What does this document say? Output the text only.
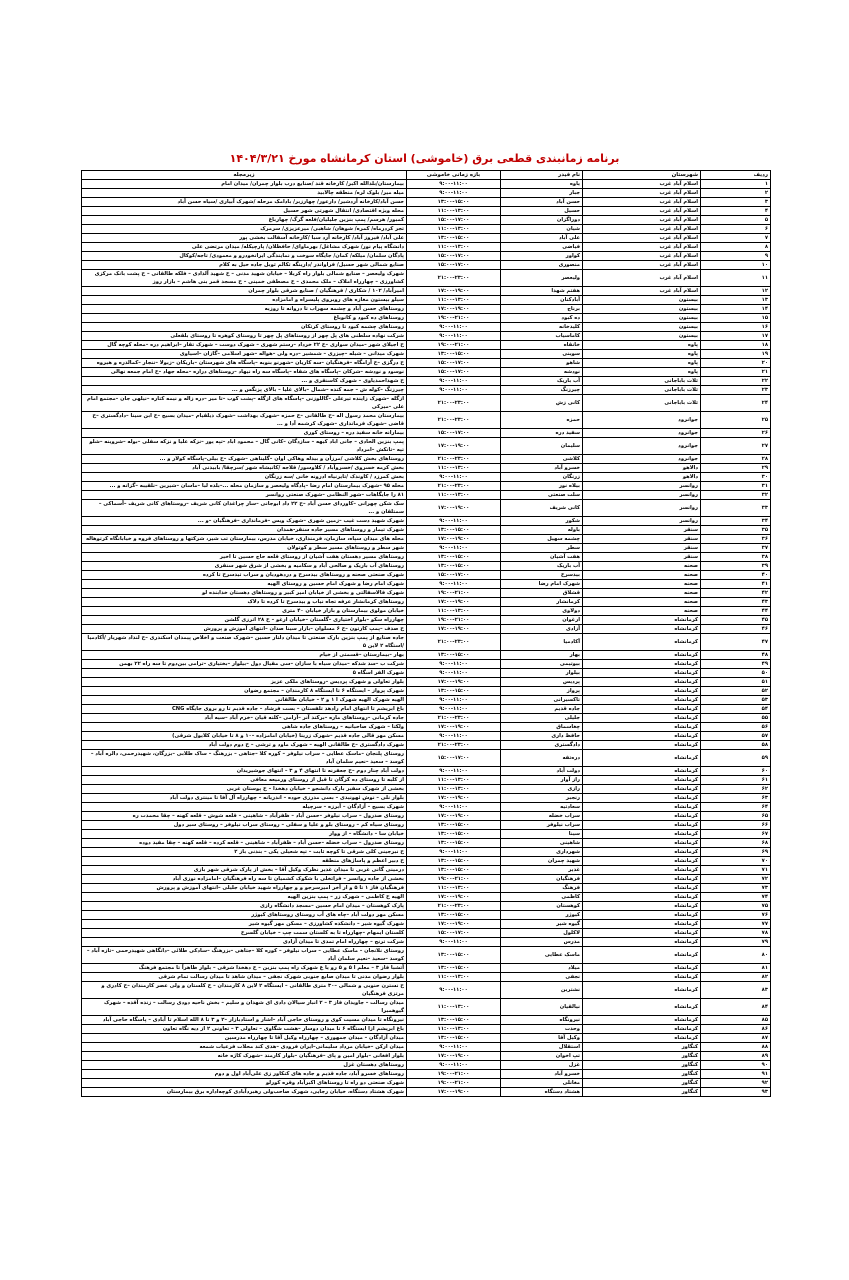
برنامه زمانبندی قطعی برق (خاموشی) استان کرمانشاه مورخ ۱۴۰۴/۳/۲۱
ردیف	شهرستان	نام فیدر	بازه زمانی خاموشی	زیرمجله
۱	اسلام آباد غرب	یاوه	۹:۰۰-۱۱:۰۰	بیمارستان/بلدالله اکبر/ کارخانه قند /صنایع درب بلوار چمران/ میدان امام
۲	اسلام آباد غرب	جبار	۹:۰۰-۱۱:۰۰	میله میر/ بلوک لره/ منطقه چالابید
۳	اسلام آباد غرب	حسن آباد	۱۳:۰۰-۱۵:۰۰	حسن آباد/کارخانه آردشیر/ دارعور/ چهارزبر/ بادامک مرحله /شهرک آبیاری /سیاه حسن آباد
۴	اسلام آباد غرب	حسیل	۱۱:۰۰-۱۳:۰۰	محله ویژه اقتصادی/ انتقال شهرتی شهر حسیل
۵	اسلام آباد غرب	دوراگزان	۱۵:۰۰-۱۷:۰۰	کمبور/ هرسم/ پمپ بنزین جلیلیان/فلعه گرگ/ چهارباغ
۶	اسلام آباد غرب	شیان	۱۱:۰۰-۱۳:۰۰	تجر کردرماه/ کمره/ شوهان/ شاهبی/ میرعزیزی/ سرمرک
۷	اسلام آباد غرب	علی آباد	۱۳:۰۰-۱۵:۰۰	علی آباد/ فیروز آباد/ کارخانه آرد سبا /کارخانه آسفالت بخشی پور
۸	اسلام آباد غرب	فیاضی	۱۱:۰۰-۱۳:۰۰	دانشگاه پیام نور/ شهرک مشاغل/ بهرماوای/ حافظلان/ پارچیکله/ میدان مرتضی علی
۹	اسلام آباد غرب	کواور	۱۵:۰۰-۱۷:۰۰	پادگان سلمان/ میلکه/ کمان/ جایگاه سوخت و نمایندگی ایرانخودرو و معمودی/ تاجه/کوکال
۱۰	اسلام آباد غرب	منصوری	۱۵:۰۰-۱۷:۰۰	صنایع شمالی شهر حسیل/ فراواندر /دارینگه تکالم ثوبل جاده حیل به کلام
۱۱	اسلام آباد غرب	ولیعصر	۲۱:۰۰-۲۳:۰۰	شهرک ولیعصر – صنایع شمالی بلوار راه کربلا – خیابان شهید مدنی – خ شهید آلدادی – فلکه طالقانی – خ پشت بانک مرکزی کشاورزی – چهارراه املاک – ملک محمدی – خ مصطفی خمینی – خ مسجد قمر بنی هاشم – بازار روز
۱۲	اسلام آباد غرب	هفتم شهدا	۱۷:۰۰-۱۹:۰۰	امیرآباد/ ۱۰۲ / شکاری / فرهنگیان / صنایع شرقی بلوار چمران
۱۳	بیستون	آبادکنان	۱۱:۰۰-۱۳:۰۰	سیلو بیستون مغازه های روبروی پلیسراه و امامزاده
۱۴	بیستون	برناج	۱۷:۰۰-۱۹:۰۰	روستاهای حسن آباد و چشمه سهراب تا دروانه تا روزبه
۱۵	بیستون	ده کبود	۱۹:۰۰-۲۱:۰۰	روستاهای ده کبود و کانوباغ
۱۶	بیستون	کلیدخانه	۹:۰۰-۱۱:۰۰	روستاهای چشمه کبود تا روستای کرتکان
۱۷	بیستون	کاماسیاب	۹:۰۰-۱۱:۰۰	شرکت نهاده سلطنی های پل چهر از روستاهای پل چهر تا روستای کوهره تا روستای بلقعلی
۱۸	پاوه	خانقاه	۱۹:۰۰-۲۱:۰۰	خ اجیلای شهر –میدان سواری –خ ۲۲ خرداد –رستم شهری – شهرک دوست – شهرک تقار –ابراهیم دره –محله کوچه گال
۱۹	پاوه	سوینی	۱۳:۰۰-۱۵:۰۰	شهرک میدانی – شیله –چیزری – شمشیر –دره ولی –هواله –شهر اسلامی –گازان –اسیاوی
۲۰	پاوه	شاهو	۱۵:۰۰-۱۷:۰۰	خ درگزی –خ آرامگاه –فرهنگیان –سه کاریان –شهرنو بنوبه –پاسگاه های شهرستان –باریکان –زبولا –ننجار –کمالدره و هیروه
۲۱	پاوه	نودشه	۱۵:۰۰-۱۷:۰۰	نوسود و نودشه –شرکان –پاسگاه های شقاه –پاسگاه سه راه نیهاد –روستاهای دراره –محله جهاد –خ امام جمعه نهالی
۲۲	ثلاث باباجانی	آب باریک	۹:۰۰-۱۱:۰۰	خ شهداحمدیاوی – شهرک کاسنقری و ...
۲۳	ثلاث باباجانی	چیرزنگ	۹:۰۰-۱۱:۰۰	چیرزنگ –کوله ش – جمه کنده –شمال –بالای غلیا – بالای پزنگس و ...
۲۴	ثلاث باباجانی	کانی زش	۲۱:۰۰-۲۳:۰۰	ازگله –شهرک زاینده تیرعلی –گاللوزنی –پاسگاه های ازگله –پشت کوب –تا میر –دره زاله و نیمه کتاره –نیلهی جان –مجتمع امام علی –میرکی
۲۵	جوانرود	حمزه	۲۱:۰۰-۲۳:۰۰	بیمارستان محمد رسول اله –خ طالقانی –خ حمزه –شهرک بهداشت –شهرک ذیلقیام –میدان بسیج –خ ابن سینا –دادگستری –خ قاضی –شهرک فرمانداری –شهرک کرشمه آدا و ...
۲۶	جوانرود	سفید دره	۱۵:۰۰-۱۷:۰۰	بیمارانه خانه سفید دره – روستای کوری
۲۷	جوانرود	سلیمان	۱۷:۰۰-۱۹:۰۰	پمپ بنزین الحادی – جانی اباد کیهه – سازدگان –کانی گال – محمود اباد –تپه یور –نزکه علیا و نزکه سفلی –بوله –شروینه –شلو تپه –تانکش –امرداد
۲۸	جوانرود	کلاشی	۲۱:۰۰-۲۳:۰۰	روستاهای بخش کلاشی /مرزآن و بیدله وهاکی اوان –گلیناهی –شهرک –خ بیلی–پاسگاه کولار و ...
۲۹	دالاهو	خسرو آباد	۱۱:۰۰-۱۳:۰۰	بخش کرمه خسروی /خسروآباد / کلاوسور/ قلاجه /کانیشاه شهر /سرچقا/ بابیدنی آباد
۳۰	دالاهو	زرنگان	۹:۰۰-۱۱:۰۰	بخش کمرزد / کاوندک /تایرنیاه ادرونه خانی /سه زرنگان
۳۱	روانسر	بیلاه نور	۲۱:۰۰-۲۳:۰۰	محله ۹۵ –شهرک بیمارستان امام رضا –پادگاه ولیعصر و سازمان محله ...–بلده لبا –ماسان –شیرین –نلقیبه –گزانه و ...
۳۲	روانسر	سلت صنعتی	۱۱:۰۰-۱۳:۰۰	۸۱ را جایگاهات –شهر النظامی –شهرک صنعتی روانسر
۳۳	روانسر	کانی شریف	۱۷:۰۰-۱۹:۰۰	سک شکن چهرانی –کاوردای حسن آباد –خ ۲۲ داد ابوجانی –سار چراغدان کانی شریف –روستاهای کانی شریف –آسماکی –سمتلقان و ...
۳۴	روانسر	شکور	۹:۰۰-۱۱:۰۰	شهرک شهید دست غیب –زمین شهری –شهرک ویس –فرمانداری –فرهنگیان –و ...
۳۵	سنقر	باوله	۱۳:۰۰-۱۵:۰۰	شهرک تیمار و روستاهای مسیر جاده سنقر-همدان
۳۶	سنقر	چشمه سهیل	۱۷:۰۰-۱۹:۰۰	محله های میدان سپاه، سازمان، فرمنداری، خیابان مدرس، بیمارستان تب شیر، شرکتها و روستاهای فروه و خیابانگاه کرتوهاله
۳۷	سنقر	سطر	۹:۰۰-۱۱:۰۰	شهر سطر و روستاهای مسیر سطر و کوتولان
۳۸	سنقر	هفت آشیان	۱۳:۰۰-۱۵:۰۰	روستاهای مسیر دهستان هفت آشیان از روستای قلعه حاج حسین تا اخیر
۳۹	صحنه	آب باریک	۱۳:۰۰-۱۵:۰۰	روستاهای آب باریک و صالحی آباد و سکامیه و بخشی از شرق شهر سنقری
۴۰	صحنه	بیدسرخ	۱۵:۰۰-۱۷:۰۰	شهرک صنعتی صحنه و روستاهای بیدسرخ و دردهودیان و سراب تیدسرخ تا کرده
۴۱	صحنه	شهرک امام رضا	۹:۰۰-۱۱:۰۰	شهرک امام رضا و شهرک امام حسین و روستای الهیه
۴۲	صحنه	قشلاق	۱۹:۰۰-۲۱:۰۰	شهرک فالاسفالتی و بخشی از خیابان امیر کبیر و روستاهای دهستان خدابنده لو
۴۳	صحنه	کرمانشار	۱۷:۰۰-۱۹:۰۰	روستاهای کرمانشار عرفه تجاه نیاب و بیدسرخ تا کرده تا دلاک
۴۴	صحنه	دولاوی	۱۱:۰۰-۱۳:۰۰	خیابان مولوی بیمارستان و بازار خیابان ۴۰ متری
۴۵	کرمانشاه	ارغوان	۱۹:۰۰-۲۱:۰۰	چهارراه سکو –بلوار اختیاری –گلستان –خیابان ارغو – خ ۲۸ اترزی گلشن
۴۶	کرمانشاه	آزادی	۱۷:۰۰-۱۹:۰۰	خ صدف –پمپ کارتون –خ ۶ مسلوان –بازار سینا صدان –انتهای آموزش و پرورش
۴۷	کرمانشاه	آکادمیا	۲۱:۰۰-۲۳:۰۰	جاده صنایع از پمپ بنزین بارک صنعتی تا میدان دلتار حسین –شهرک صنعت و اخلاص پیمدان اسکندری –خ لنداد شهریار /آکادمیا /استگاه ۲ لاین ۵
۴۸	کرمانشاه	بهار	۱۳:۰۰-۱۵:۰۰	بهار –بیمارستان –قسمتی از خیام
۴۹	کرمانشاه	بیوتیمی	۹:۰۰-۱۱:۰۰	شرکت ب –سد شدکه –میدان سیاه با سازان –سی مقیال دول –بیلوار –بختیاری –ترامی بین‌دوم تا سه راه ۲۲ بهمن
۵۰	کرمانشاه	بیلوار	۹:۰۰-۱۱:۰۰	شهرک الفر اسگاه ۵
۵۱	کرمانشاه	پردیس	۱۷:۰۰-۱۹:۰۰	بلوار تعاولی و شهرک پردیس –روستاهای ملکی عزیز
۵۲	کرمانشاه	پرواز	۱۳:۰۰-۱۵:۰۰	شهرک پرواز – ایستگاه ۶ تا ایستگاه ۸ کارمندان – مجتمع رضوان
۵۳	کرمانشاه	تاکسیرانی	۹:۰۰-۱۱:۰۰	الهیه شهرک الهیه شهرک ا ۱ و ۲ – خیابان طالقانی
۵۴	کرمانشاه	جاده قدیم	۹:۰۰-۱۱:۰۰	باغ ابریشم تا انتهای امام رادهد تلفستان – بست فرشاد – جاده قدیم تا رو بروی جایگاه CNG
۵۵	کرمانشاه	جلیلی	۲۱:۰۰-۲۳:۰۰	جاده کرمانی –روستاهای ماره –برکند آنر –آرامی –کلنه قیان –خرم آباد –سیه آباد
۵۶	کرمانشاه	چغاسماق	۱۷:۰۰-۱۹:۰۰	ولکتا – شهرک صاحبانیه – روستاهای جاده شاهی
۵۷	کرمانشاه	حافظ داری	۹:۰۰-۱۱:۰۰	مسکن مهر قالی جاده قدیم –شهرک زرینا (خیابان امامزاده –۱۰ و ۸ تا خیابان کلایول شرقی)
۵۸	کرمانشاه	دادگستری	۲۱:۰۰-۲۳:۰۰	شهرک دادگستری –خ طالقانی الهیه – شهرک ماود و ترشی – خ دوم دولت آباد
۵۹	کرمانشاه	دره‌تفه	۱۵:۰۰-۱۷:۰۰	روستای پلنجان –ماسک عطایی – سراب نیلوفر – کوره کلا –جتاهی – بزرهنگ – ساک طلابی –بزرگان، شهیدرحمی، دالره آباد –کوسد – سعید –نعیم سلمان آباد
۶۰	کرمانشاه	دولت آباد	۹:۰۰-۱۱:۰۰	دولت آباد چنار دوم –خ جعفرنه تا انتهای ۴ و ۳ – انتهای جوشیریدان
۶۱	کرمانشاه	راز آوار	۱۱:۰۰-۱۳:۰۰	از کلبه تا روستای ده کرگان تا قبل از روستای ورمیعه معافی
۶۲	کرمانشاه	رازی	۱۱:۰۰-۱۳:۰۰	بخشی از شهرک سفیر بارک دانشجو – خیابان دهخدا – خ پوستان غربی
۶۳	کرمانشاه	رنجبر	۱۷:۰۰-۱۹:۰۰	بلوار نلی – نوش ئهونیدی – بسی مدرزی حوده – اندریانه – چهارراه آل آفا تا مینتری دولت آباد
۶۴	کرمانشاه	سعادتیه	۹:۰۰-۱۱:۰۰	شهرک بسیج – آزادگان – آبرزه – سرچیله
۶۵	کرمانشاه	سراب خضله	۱۷:۰۰-۱۹:۰۰	روستای صدرول – سراب نیلوفر –حسن آباد – ظفرآباد – شاهینی – قلعه شوش – قلعه کهنه – چقا محمدت ره
۶۶	کرمانشاه	سراب نیلوفر	۱۳:۰۰-۱۵:۰۰	روستای سیاه کم – روستای بلو و علیا و سفلی – روستای سراب نیلوفر – روستای سیر دول
۶۷	کرمانشاه	سینا	۱۳:۰۰-۱۵:۰۰	خیابان سا – دانشگاه – از ووار
۶۸	کرمانشاه	شاهینی	۱۳:۰۰-۱۵:۰۰	روستای صدرول – سراب خضله –حسن آباد – ظفرآباد – شاهینی – قلعه کرده – قلعه کهنه – چقا مفید دوده
۶۹	کرمانشاه	شهرداری	۹:۰۰-۱۱:۰۰	خ نبرجینی کلی شرقی تا کوچه ثابت – تپه شعیلی یکی – بندنی باز ۲
۷۰	کرمانشاه	شهید چمران	۱۳:۰۰-۱۵:۰۰	خ دبیر اعظم و پاساژهای منطقه
۷۱	کرمانشاه	غدیر	۱۳:۰۰-۱۵:۰۰	درمینی گانی غربی تا میدان غدیر نظرک وکیل آقا – بخش از پارک شرقی شهر بازی
۷۲	کرمانشاه	فرهنگیان	۱۹:۰۰-۲۱:۰۰	بخشی از جاده روانسر – فراتخلی با شکوک کشمیان تا سه راه فرهنگیان –امامزاده نوزی آباد
۷۳	کرمانشاه	فرهنگ	۱۱:۰۰-۱۳:۰۰	فرهنگیان فاز ۱ تا ۵ و ار آخر امیرسرجو و و چهارراه شهید خیابان جلیلی –انتهای آموزش و پرورش
۷۴	کرمانشاه	کاظمی	۱۷:۰۰-۱۹:۰۰	الهیه خ کاظمی – شهرک زر – پمپ بنزین الهیه
۷۵	کرمانشاه	کوهستان	۲۱:۰۰-۲۳:۰۰	پارک کوهستان – میدان امام حسین –مسجد دانشگاه رازی
۷۶	کرمانشاه	کیوژر	۱۳:۰۰-۱۵:۰۰	مسکن مهر دولت آباد –چاه های آب روستای روستاهای کیوژر
۷۷	کرمانشاه	گیوه شیر	۱۷:۰۰-۱۹:۰۰	شهرک گیوه شیر – دانشکده کشاورزی – مسکن مهر گیوه شیر
۷۸	کرمانشاه	لاکلول	۱۵:۰۰-۱۷:۰۰	کلستان ایمهام –چهارراه تا به کلستان سمت چپ – خیابان گلسرخ
۷۹	کرمانشاه	مدرس	۹:۰۰-۱۱:۰۰	شرکت ترنج – چهارراه امام تمدی تا میدان آزادی
۸۰	کرمانشاه	ماسک عطایی	۱۳:۰۰-۱۵:۰۰	روستای نلانجان – ماسک عطایی – سراب نیلوفر – کوره کلا –جتاهی –بزرهنگ –سادکی طلائی –دانگاهی شهیدرحمی –تازه آباد –کوسد –سعید –نعیم سلمان آباد
۸۱	کرمانشاه	میلاد	۱۳:۰۰-۱۵:۰۰	آتشبا فاز ۳ – معلم ا ۵ و ۵ رو یا ع شهرک راه پمپ بنزین – خ دهخدا شرقی – بلوار ظاهراً تا مجتمع فرهنگ
۸۲	کرمانشاه	نجفی	۱۱:۰۰-۱۳:۰۰	بلوار رضوان مدنی تا میدان صابع جنوبی شهرک نجفی – میدان شاهد تا میدان رسالت تمام شرقی
۸۳	کرمانشاه	نشتربن	۹:۰۰-۱۱:۰۰	خ نسترن حنوبی و شمالی –۳۰ متری طالقانی – ایستگاه ۲ لاین ۸ کارمندان – خ کلستان و ولی عصر کارمندان –خ کادری و مرتزی فرهنگیان
۸۴	کرمانشاه	نیالقیان	۱۱:۰۰-۱۳:۰۰	میدان رسالت – جاویدان فاز ۳ – ۲ انبار سیالان دادی ای شهدان و سلیم – بخش ناحیه دودی رسالت – زنده آقده – شهرک گیوهمبرا
۸۵	کرمانشاه	نیرونگاه	۱۳:۰۰-۱۵:۰۰	نیرونگاه تا میدان مسیت کوی و روستای حاجی آباد –اشار و استادبازار –۲ و ۳ تا ۸ الله اسلام تا آبادی – پاسگاه حاجی آباد
۸۶	کرمانشاه	وحدت	۱۱:۰۰-۱۳:۰۰	باغ ابریشم ازا ایستگاه ۶ تا میدان دوسار –هشت شگاوی – تعاولی ۳ – تعاونی ۲ از دیه نگاه تعاون
۸۷	کرمانشاه	وکیل آقا	۱۳:۰۰-۱۵:۰۰	میدان آزادگان – میدان جمهوری – چهارراه وکیل آقا تا چهارراه مدرسین
۸۸	کنگاور	استقلال	۹:۰۰-۱۱:۰۰	میدان ارکن –خیابان مرداد سلیمانی–ایران فرودی –هدی کند محلات فرعیات شمعه
۸۹	کنگاور	تپ اخوان	۱۷:۰۰-۱۹:۰۰	بلوار افغانی –بلوار امین و پای –فرهنگیان –بلوار کارمند –شهرک کاژه خانه
۹۰	کنگاور	غزل	۹:۰۰-۱۱:۰۰	روستاهای دهستان غزل
۹۱	کنگاور	خسرو آباد	۱۹:۰۰-۲۱:۰۰	روستاهای خسرو آباد، جاده قدیم و جاده های کنکاور زی علی‌آباد اول و دوم
۹۲	کنگاور	مغانلی	۱۹:۰۰-۲۱:۰۰	شهرک صنعتی دو راه تا روستاهای اکبرآباد وقره کورلو
۹۳	کنگاور	هشتاد دستگاه	۱۷:۰۰-۱۹:۰۰	شهرک هشتاد دستگاه، خیابان رجایی، شهرک صاحب‌ولی رهبرد‌آبادی کوچه‌اداره برق بیمارستان
